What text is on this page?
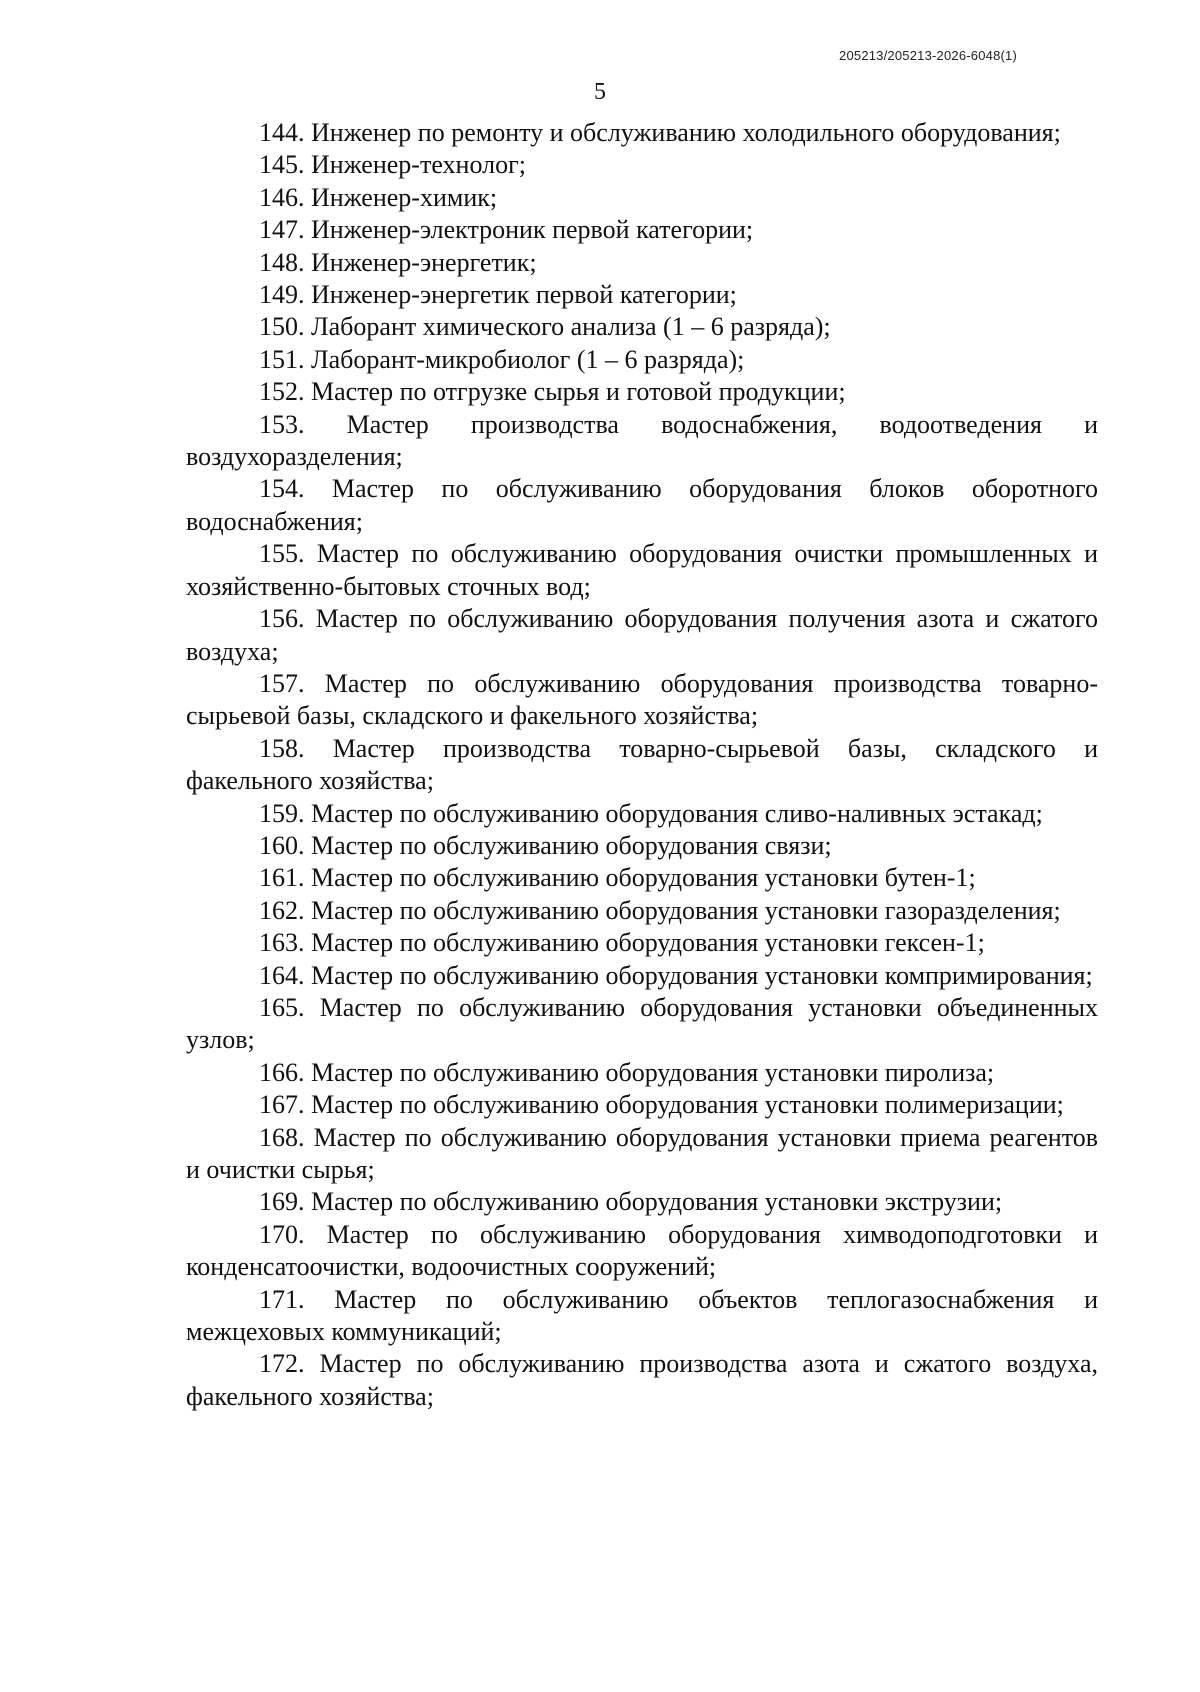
205213/205213-2026-6048(1)
5

144. Инженер по ремонту и обслуживанию холодильного оборудования;

145. Инженер-технолог;

146. Инженер-химик;

147. Инженер-электроник первой категории;

148. Инженер-энергетик;

149. Инженер-энергетик первой категории;

150. Лаборант химического анализа (1 – 6 разряда);

151. Лаборант-микробиолог (1 – 6 разряда);

152. Мастер по отгрузке сырья и готовой продукции;

153. Мастер производства водоснабжения, водоотведения и воздухоразделения;

154. Мастер по обслуживанию оборудования блоков оборотного водоснабжения;

155. Мастер по обслуживанию оборудования очистки промышленных и хозяйственно-бытовых сточных вод;

156. Мастер по обслуживанию оборудования получения азота и сжатого воздуха;

157. Мастер по обслуживанию оборудования производства товарно-сырьевой базы, складского и факельного хозяйства;

158. Мастер производства товарно-сырьевой базы, складского и факельного хозяйства;

159. Мастер по обслуживанию оборудования сливо-наливных эстакад;

160. Мастер по обслуживанию оборудования связи;

161. Мастер по обслуживанию оборудования установки бутен-1;

162. Мастер по обслуживанию оборудования установки газоразделения;

163. Мастер по обслуживанию оборудования установки гексен-1;

164. Мастер по обслуживанию оборудования установки компримирования;

165. Мастер по обслуживанию оборудования установки объединенных узлов;

166. Мастер по обслуживанию оборудования установки пиролиза;

167. Мастер по обслуживанию оборудования установки полимеризации;

168. Мастер по обслуживанию оборудования установки приема реагентов и очистки сырья;

169. Мастер по обслуживанию оборудования установки экструзии;

170. Мастер по обслуживанию оборудования химводоподготовки и конденсатоочистки, водоочистных сооружений;

171. Мастер по обслуживанию объектов теплогазоснабжения и межцеховых коммуникаций;

172. Мастер по обслуживанию производства азота и сжатого воздуха, факельного хозяйства;
